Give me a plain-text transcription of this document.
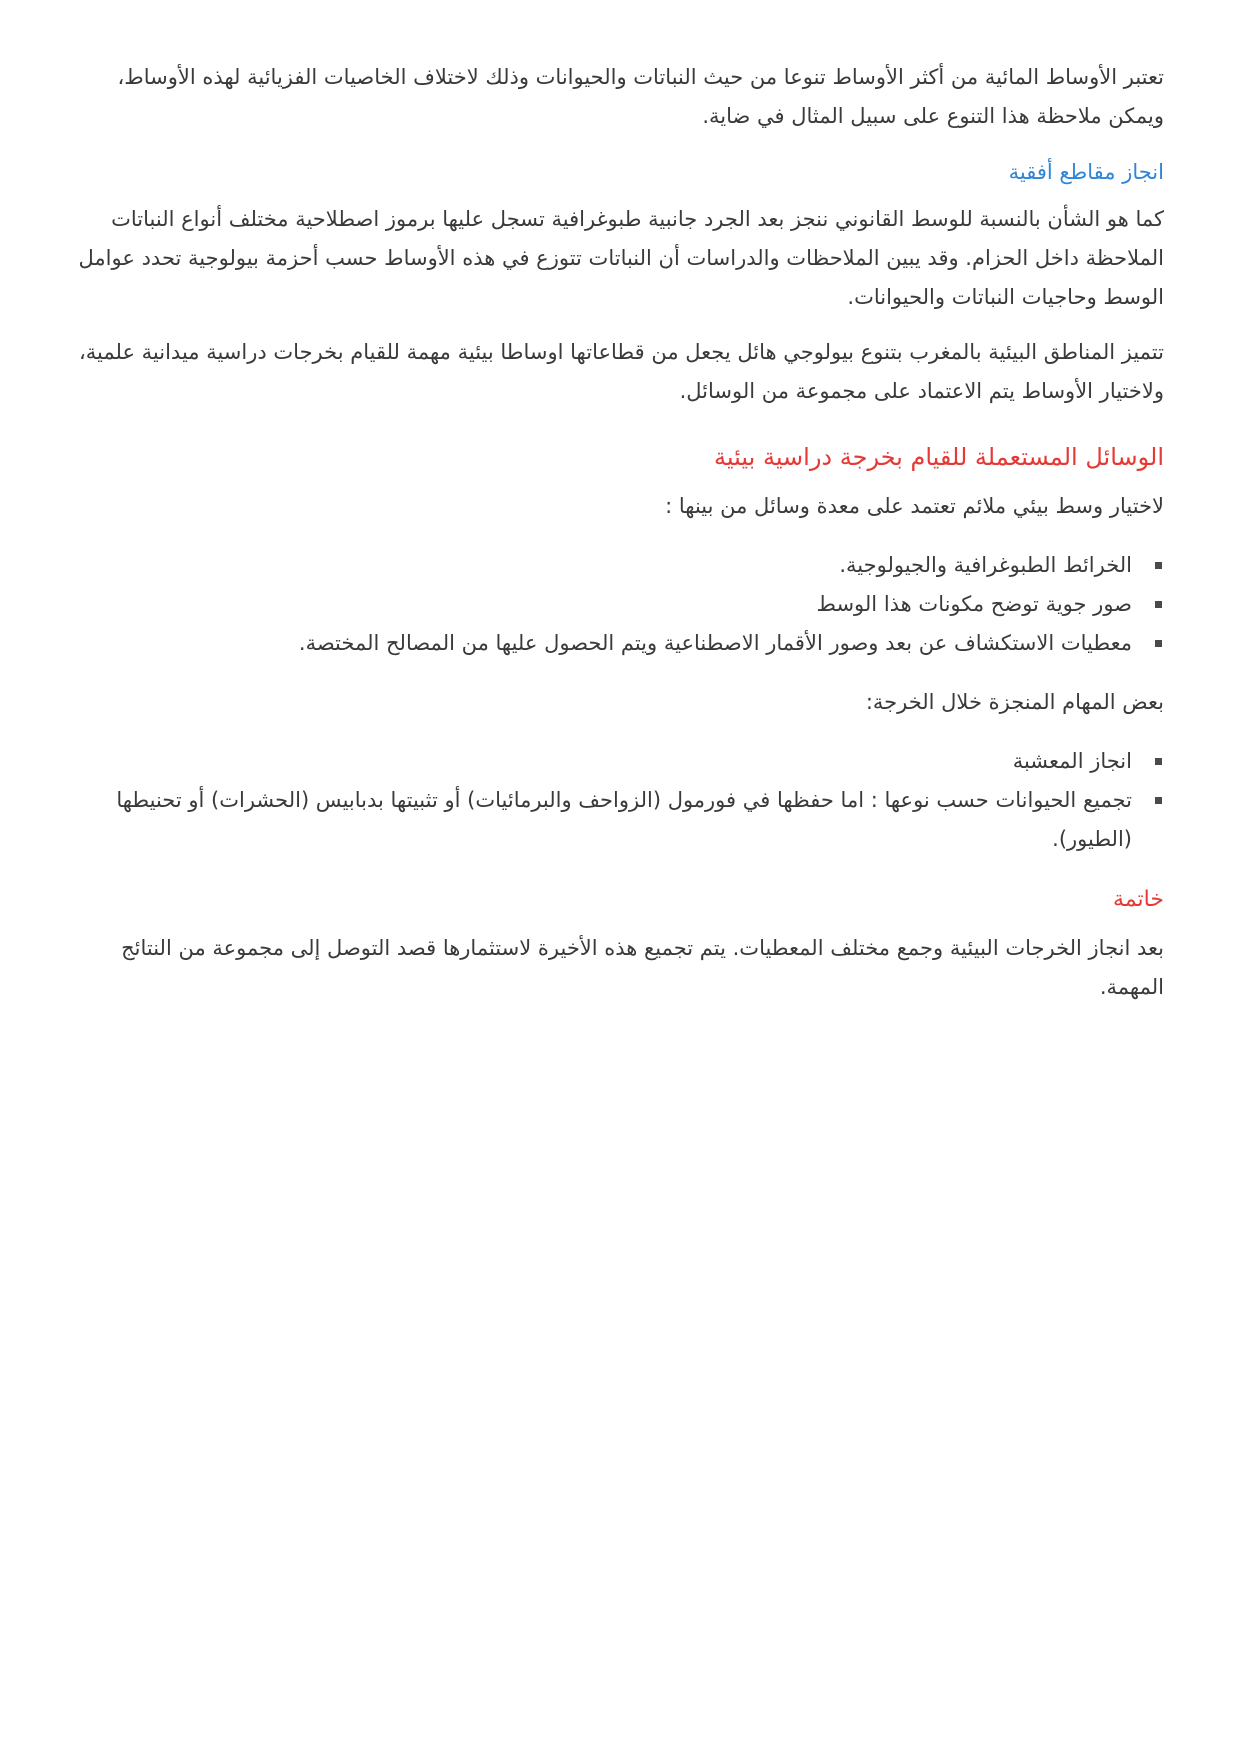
تعتبر الأوساط المائية من أكثر الأوساط تنوعا من حيث النباتات والحيوانات وذلك لاختلاف الخاصيات الفزيائية لهذه الأوساط، ويمكن ملاحظة هذا التنوع على سبيل المثال في ضاية.

انجاز مقاطع أفقية

كما هو الشأن بالنسبة للوسط القانوني ننجز بعد الجرد جانبية طبوغرافية تسجل عليها برموز اصطلاحية مختلف أنواع النباتات الملاحظة داخل الحزام. وقد يبين الملاحظات والدراسات أن النباتات تتوزع في هذه الأوساط حسب أحزمة بيولوجية تحدد عوامل الوسط وحاجيات النباتات والحيوانات.

تتميز المناطق البيئية بالمغرب بتنوع بيولوجي هائل يجعل من قطاعاتها اوساطا بيئية مهمة للقيام بخرجات دراسية ميدانية علمية، ولاختيار الأوساط يتم الاعتماد على مجموعة من الوسائل.

الوسائل المستعملة للقيام بخرجة دراسية بيئية

لاختيار وسط بيئي ملائم تعتمد على معدة وسائل من بينها :

الخرائط الطبوغرافية والجيولوجية.
صور جوية توضح مكونات هذا الوسط
معطيات الاستكشاف عن بعد وصور الأقمار الاصطناعية ويتم الحصول عليها من المصالح المختصة.

بعض المهام المنجزة خلال الخرجة:

انجاز المعشبة
تجميع الحيوانات حسب نوعها : اما حفظها في فورمول (الزواحف والبرمائيات) أو تثبيتها بدبابيس (الحشرات) أو تحنيطها (الطيور).
خاتمة

بعد انجاز الخرجات البيئية وجمع مختلف المعطيات. يتم تجميع هذه الأخيرة لاستثمارها قصد التوصل إلى مجموعة من النتائج المهمة.
